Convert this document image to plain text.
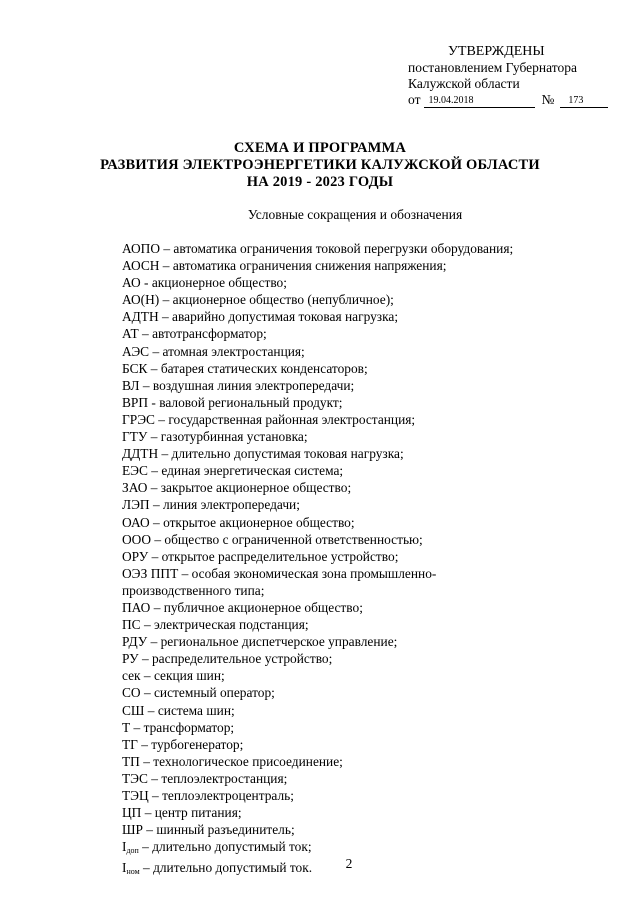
УТВЕРЖДЕНЫ
постановлением Губернатора
Калужской области
от 19.04.2018	№	173
СХЕМА И ПРОГРАММА
РАЗВИТИЯ ЭЛЕКТРОЭНЕРГЕТИКИ КАЛУЖСКОЙ ОБЛАСТИ
НА 2019 - 2023 ГОДЫ
Условные сокращения и обозначения
АОПО – автоматика ограничения токовой перегрузки оборудования;
АОСН – автоматика ограничения снижения напряжения;
АО - акционерное общество;
АО(Н) – акционерное общество (непубличное);
АДТН – аварийно допустимая токовая нагрузка;
АТ – автотрансформатор;
АЭС – атомная электростанция;
БСК – батарея статических конденсаторов;
ВЛ – воздушная линия электропередачи;
ВРП - валовой региональный продукт;
ГРЭС – государственная районная электростанция;
ГТУ – газотурбинная установка;
ДДТН – длительно допустимая токовая нагрузка;
ЕЭС – единая энергетическая система;
ЗАО – закрытое акционерное общество;
ЛЭП – линия электропередачи;
ОАО – открытое акционерное общество;
ООО – общество с ограниченной ответственностью;
ОРУ – открытое распределительное устройство;
ОЭЗ ППТ – особая экономическая зона промышленно-производственного типа;
ПАО – публичное акционерное общество;
ПС – электрическая подстанция;
РДУ – региональное диспетчерское управление;
РУ – распределительное устройство;
сек – секция шин;
СО – системный оператор;
СШ – система шин;
Т – трансформатор;
ТГ – турбогенератор;
ТП – технологическое присоединение;
ТЭС – теплоэлектростанция;
ТЭЦ – теплоэлектроцентраль;
ЦП – центр питания;
ШР – шинный разъединитель;
$I_{доп}$ – длительно допустимый ток;
$I_{ном}$ – длительно допустимый ток.	2
